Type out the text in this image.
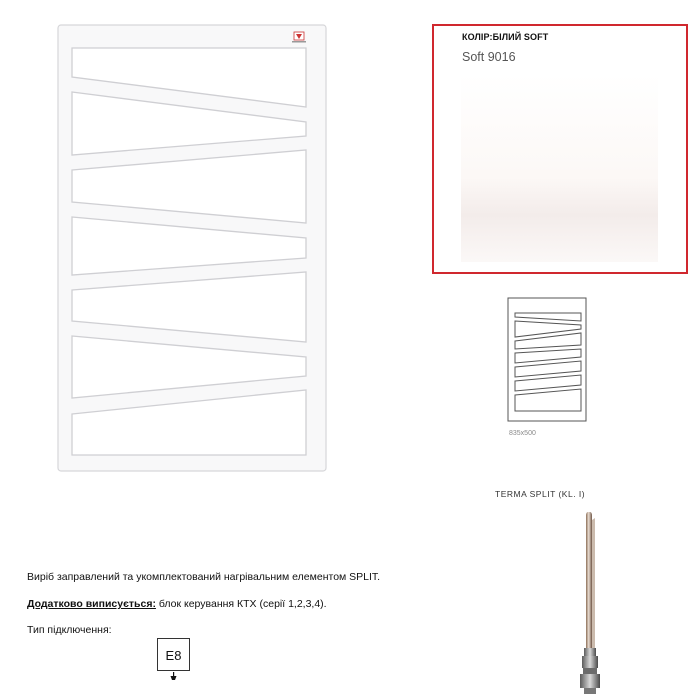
КОЛІР:БІЛИЙ SOFT
Soft 9016
835x500
TERMA SPLIT (KL. I)
Виріб заправлений та укомплектований нагрівальним елементом SPLIT.
Додатково виписується: блок керування КТХ (серії 1,2,3,4).
Тип підключення:
E8
